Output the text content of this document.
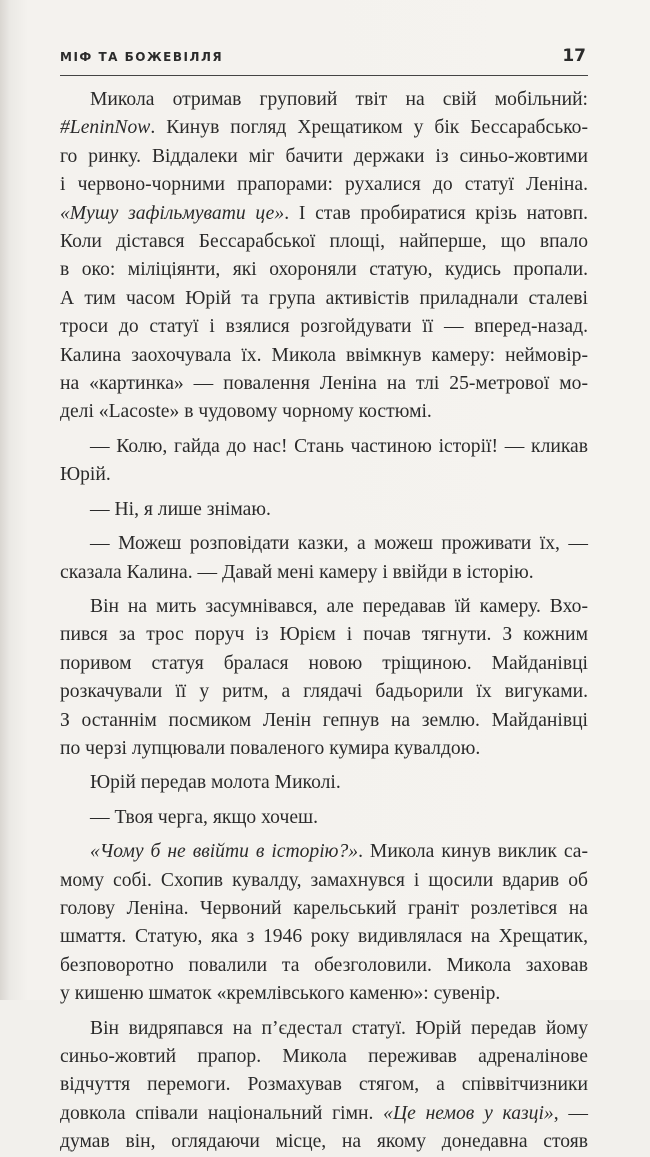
МІФ ТА БОЖЕВІЛЛЯ	17
Микола отримав груповий твіт на свій мобільний:
#LeninNow. Кинув погляд Хрещатиком у бік Бессарабсько-
го ринку. Віддалеки міг бачити держаки із синьо-жовтими
і червоно-чорними прапорами: рухалися до статуї Леніна.
«Мушу зафільмувати це». І став пробиратися крізь натовп.
Коли дістався Бессарабської площі, найперше, що впало
в око: міліціянти, які охороняли статую, кудись пропали.
А тим часом Юрій та група активістів приладнали сталеві
троси до статуї і взялися розгойдувати її — вперед-назад.
Калина заохочувала їх. Микола ввімкнув камеру: неймовір-
на «картинка» — повалення Леніна на тлі 25-метрової мо-
делі «Lacoste» в чудовому чорному костюмі.
— Колю, гайда до нас! Стань частиною історії! — кликав
Юрій.
— Ні, я лише знімаю.
— Можеш розповідати казки, а можеш проживати їх, —
сказала Калина. — Давай мені камеру і ввійди в історію.
Він на мить засумнівався, але передавав їй камеру. Вхо-
пився за трос поруч із Юрієм і почав тягнути. З кожним
поривом статуя бралася новою тріщиною. Майданівці
розкачували її у ритм, а глядачі бадьорили їх вигуками.
З останнім посмиком Ленін гепнув на землю. Майданівці
по черзі лупцювали поваленого кумира кувалдою.
Юрій передав молота Миколі.
— Твоя черга, якщо хочеш.
«Чому б не ввійти в історію?». Микола кинув виклик са-
мому собі. Схопив кувалду, замахнувся і щосили вдарив об
голову Леніна. Червоний карельський граніт розлетівся на
шмаття. Статую, яка з 1946 року видивлялася на Хрещатик,
безповоротно повалили та обезголовили. Микола заховав
у кишеню шматок «кремлівського каменю»: сувенір.
Він видряпався на п’єдестал статуї. Юрій передав йому
синьо-жовтий прапор. Микола переживав адреналінове
відчуття перемоги. Розмахував стягом, а співвітчизники
довкола співали національний гімн. «Це немов у казці», —
думав він, оглядаючи місце, на якому донедавна стояв
